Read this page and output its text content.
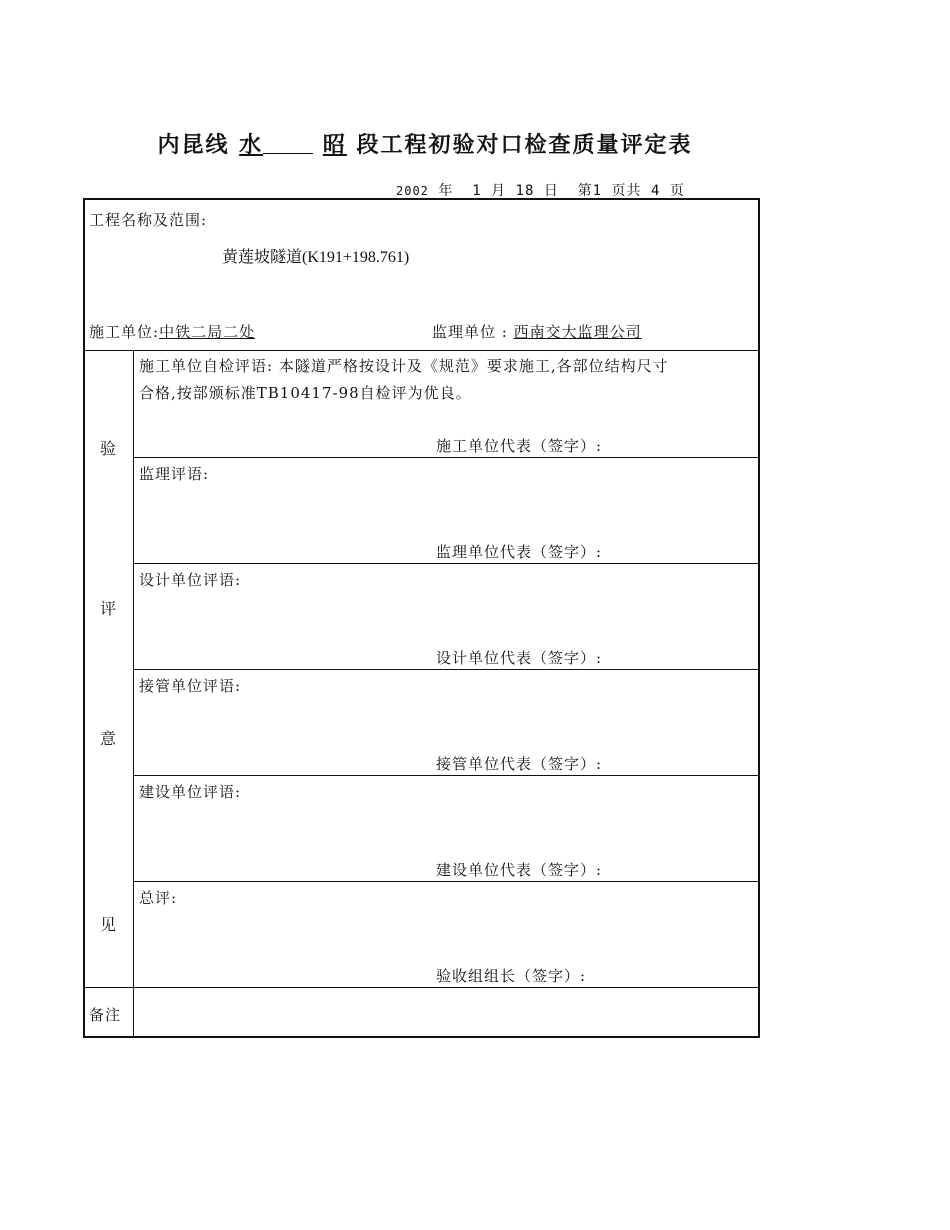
内昆线 水	昭 段工程初验对口检查质量评定表
2002 年 1 月 18 日 第1 页共 4 页
工程名称及范围:
黄莲坡隧道(K191+198.761)
施工单位:中铁二局二处	监理单位 : 西南交大监理公司
验
评
意
见
施工单位自检评语: 本隧道严格按设计及《规范》要求施工,各部位结构尺寸
合格,按部颁标准TB10417-98自检评为优良。
施工单位代表（签字）:
监理评语:
监理单位代表（签字）:
设计单位评语:
设计单位代表（签字）:
接管单位评语:
接管单位代表（签字）:
建设单位评语:
建设单位代表（签字）:
总评:
验收组组长（签字）:
备注
